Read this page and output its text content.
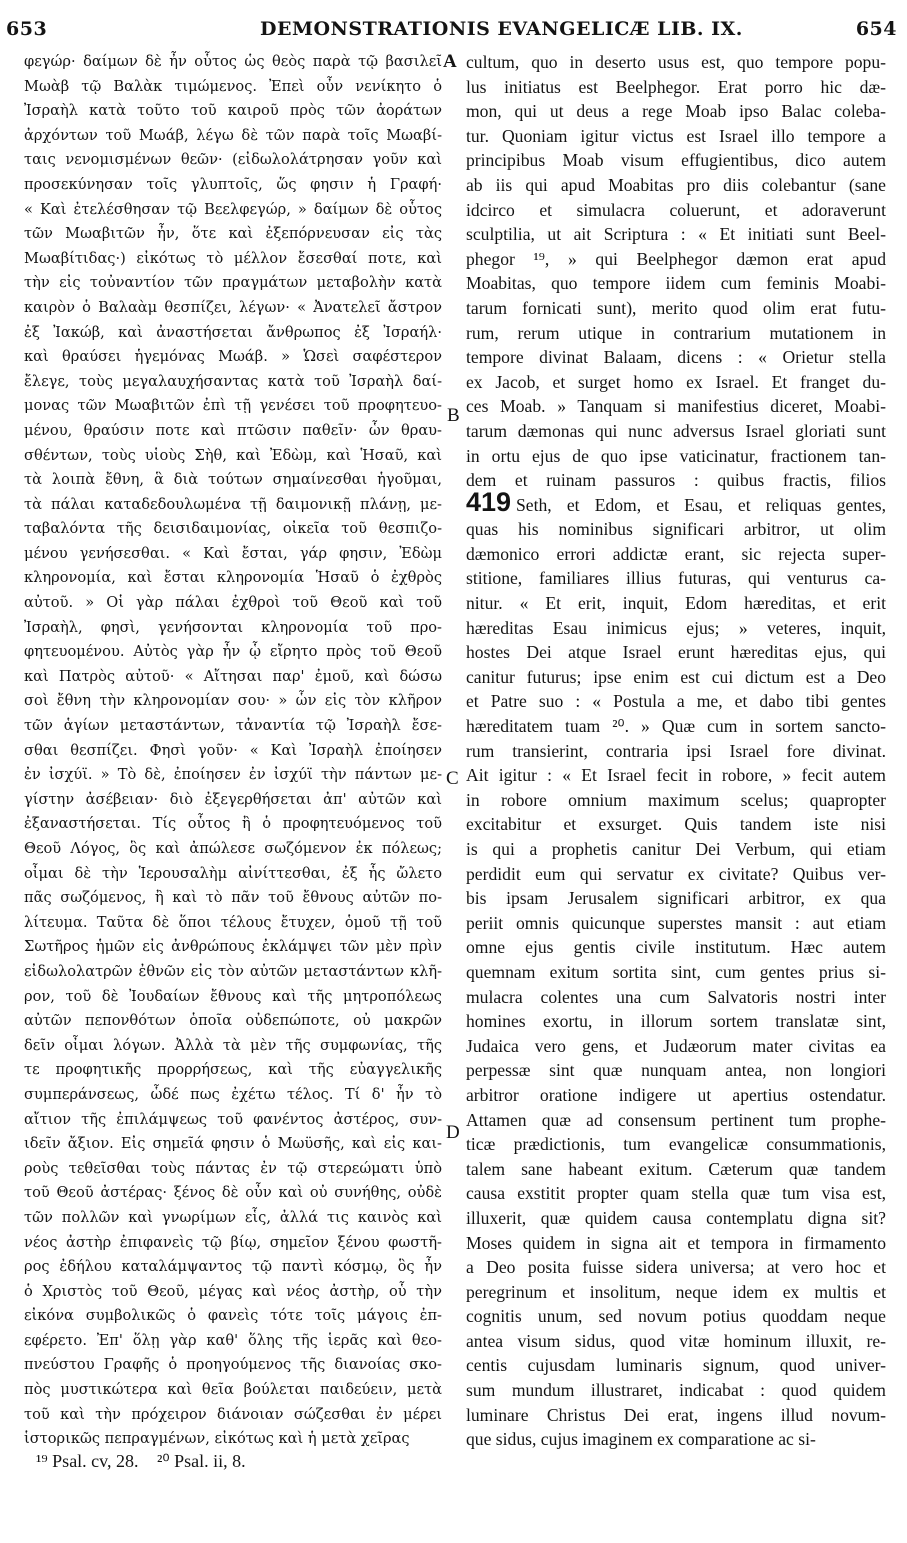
653	DEMONSTRATIONIS EVANGELICÆ LIB. IX.	654
φεγώρ· δαίμων δὲ ἦν οὗτος ὡς θεὸς παρὰ τῷ βασιλεῖ
Μωὰβ τῷ Βαλὰκ τιμώμενος. Ἐπεὶ οὖν νενίκητο ὁ
Ἰσραὴλ κατὰ τοῦτο τοῦ καιροῦ πρὸς τῶν ἀοράτων
ἀρχόντων τοῦ Μωάβ, λέγω δὲ τῶν παρὰ τοῖς Μωαβί-
ταις νενομισμένων θεῶν· (εἰδωλολάτρησαν γοῦν καὶ
προσεκύνησαν τοῖς γλυπτοῖς, ὥς φησιν ἡ Γραφή·
« Καὶ ἐτελέσθησαν τῷ Βεελφεγώρ, » δαίμων δὲ οὗτος
τῶν Μωαβιτῶν ἦν, ὅτε καὶ ἐξεπόρνευσαν εἰς τὰς
Μωαβίτιδας·) εἰκότως τὸ μέλλον ἔσεσθαί ποτε, καὶ
τὴν εἰς τοὐναντίον τῶν πραγμάτων μεταβολὴν κατὰ
καιρὸν ὁ Βαλαὰμ θεσπίζει, λέγων· « Ἀνατελεῖ ἄστρον
ἐξ Ἰακώβ, καὶ ἀναστήσεται ἄνθρωπος ἐξ Ἰσραήλ·
καὶ θραύσει ἡγεμόνας Μωάβ. » Ὡσεὶ σαφέστερον
ἔλεγε, τοὺς μεγαλαυχήσαντας κατὰ τοῦ Ἰσραὴλ δαί-
μονας τῶν Μωαβιτῶν ἐπὶ τῇ γενέσει τοῦ προφητευο-
μένου, θραύσιν ποτε καὶ πτῶσιν παθεῖν· ὧν θραυ-
σθέντων, τοὺς υἱοὺς Σὴθ, καὶ Ἐδὼμ, καὶ Ἡσαῦ, καὶ
τὰ λοιπὰ ἔθνη, ἃ διὰ τούτων σημαίνεσθαι ἡγοῦμαι,
τὰ πάλαι καταδεδουλωμένα τῇ δαιμονικῇ πλάνῃ, με-
ταβαλόντα τῆς δεισιδαιμονίας, οἰκεῖα τοῦ θεσπιζο-
μένου γενήσεσθαι. « Καὶ ἔσται, γάρ φησιν, Ἐδὼμ
κληρονομία, καὶ ἔσται κληρονομία Ἡσαῦ ὁ ἐχθρὸς
αὐτοῦ. » Οἱ γὰρ πάλαι ἐχθροὶ τοῦ Θεοῦ καὶ τοῦ
Ἰσραὴλ, φησὶ, γενήσονται κληρονομία τοῦ προ-
φητευομένου. Αὐτὸς γὰρ ἦν ᾧ εἴρητο πρὸς τοῦ Θεοῦ
καὶ Πατρὸς αὐτοῦ· « Αἴτησαι παρ' ἐμοῦ, καὶ δώσω
σοὶ ἔθνη τὴν κληρονομίαν σου· » ὧν εἰς τὸν κλῆρον
τῶν ἁγίων μεταστάντων, τἀναντία τῷ Ἰσραὴλ ἔσε-
σθαι θεσπίζει. Φησὶ γοῦν· « Καὶ Ἰσραὴλ ἐποίησεν
ἐν ἰσχύϊ. » Τὸ δὲ, ἐποίησεν ἐν ἰσχύϊ τὴν πάντων με-
γίστην ἀσέβειαν· διὸ ἐξεγερθήσεται ἀπ' αὐτῶν καὶ
ἐξαναστήσεται. Τίς οὗτος ἢ ὁ προφητευόμενος τοῦ
Θεοῦ Λόγος, ὃς καὶ ἀπώλεσε σωζόμενον ἐκ πόλεως;
οἶμαι δὲ τὴν Ἱερουσαλὴμ αἰνίττεσθαι, ἐξ ἧς ὤλετο
πᾶς σωζόμενος, ἢ καὶ τὸ πᾶν τοῦ ἔθνους αὐτῶν πο-
λίτευμα. Ταῦτα δὲ ὅποι τέλους ἔτυχεν, ὁμοῦ τῇ τοῦ
Σωτῆρος ἡμῶν εἰς ἀνθρώπους ἐκλάμψει τῶν μὲν πρὶν
εἰδωλολατρῶν ἐθνῶν εἰς τὸν αὐτῶν μεταστάντων κλῆ-
ρον, τοῦ δὲ Ἰουδαίων ἔθνους καὶ τῆς μητροπόλεως
αὐτῶν πεπονθότων ὁποῖα οὐδεπώποτε, οὐ μακρῶν
δεῖν οἶμαι λόγων. Ἀλλὰ τὰ μὲν τῆς συμφωνίας, τῆς
τε προφητικῆς προρρήσεως, καὶ τῆς εὐαγγελικῆς
συμπεράνσεως, ὧδέ πως ἐχέτω τέλος. Τί δ' ἦν τὸ
αἴτιον τῆς ἐπιλάμψεως τοῦ φανέντος ἀστέρος, συν-
ιδεῖν ἄξιον. Εἰς σημεῖά φησιν ὁ Μωϋσῆς, καὶ εἰς και-
ροὺς τεθεῖσθαι τοὺς πάντας ἐν τῷ στερεώματι ὑπὸ
τοῦ Θεοῦ ἀστέρας· ξένος δὲ οὖν καὶ οὐ συνήθης, οὐδὲ
τῶν πολλῶν καὶ γνωρίμων εἷς, ἀλλά τις καινὸς καὶ
νέος ἀστὴρ ἐπιφανεὶς τῷ βίῳ, σημεῖον ξένου φωστῆ-
ρος ἐδήλου καταλάμψαντος τῷ παντὶ κόσμῳ, ὃς ἦν
ὁ Χριστὸς τοῦ Θεοῦ, μέγας καὶ νέος ἀστὴρ, οὗ τὴν
εἰκόνα συμβολικῶς ὁ φανεὶς τότε τοῖς μάγοις ἐπ-
εφέρετο. Ἐπ' ὅλῃ γὰρ καθ' ὅλης τῆς ἱερᾶς καὶ θεο-
πνεύστου Γραφῆς ὁ προηγούμενος τῆς διανοίας σκο-
πὸς μυστικώτερα καὶ θεῖα βούλεται παιδεύειν, μετὰ
τοῦ καὶ τὴν πρόχειρον διάνοιαν σώζεσθαι ἐν μέρει
ἱστορικῶς πεπραγμένων, εἰκότως καὶ ἡ μετὰ χεῖρας
A
B
C
D
cultum, quo in deserto usus est, quo tempore popu-
lus initiatus est Beelphegor. Erat porro hic dæ-
mon, qui ut deus a rege Moab ipso Balac coleba-
tur. Quoniam igitur victus est Israel illo tempore a
principibus Moab visum effugientibus, dico autem
ab iis qui apud Moabitas pro diis colebantur (sane
idcirco et simulacra coluerunt, et adoraverunt
sculptilia, ut ait Scriptura : « Et initiati sunt Beel-
phegor ¹⁹, » qui Beelphegor dæmon erat apud
Moabitas, quo tempore iidem cum feminis Moabi-
tarum fornicati sunt), merito quod olim erat futu-
rum, rerum utique in contrarium mutationem in
tempore divinat Balaam, dicens : « Orietur stella
ex Jacob, et surget homo ex Israel. Et franget du-
ces Moab. » Tanquam si manifestius diceret, Moabi-
tarum dæmonas qui nunc adversus Israel gloriati sunt
in ortu ejus de quo ipse vaticinatur, fractionem tan-
dem et ruinam passuros : quibus fractis, filios
Seth, et Edom, et Esau, et reliquas gentes,
quas his nominibus significari arbitror, ut olim
dæmonico errori addictæ erant, sic rejecta super-
stitione, familiares illius futuras, qui venturus ca-
nitur. « Et erit, inquit, Edom hæreditas, et erit
hæreditas Esau inimicus ejus; » veteres, inquit,
hostes Dei atque Israel erunt hæreditas ejus, qui
canitur futurus; ipse enim est cui dictum est a Deo
et Patre suo : « Postula a me, et dabo tibi gentes
hæreditatem tuam ²⁰. » Quæ cum in sortem sancto-
rum transierint, contraria ipsi Israel fore divinat.
Ait igitur : « Et Israel fecit in robore, » fecit autem
in robore omnium maximum scelus; quapropter
excitabitur et exsurget. Quis tandem iste nisi
is qui a prophetis canitur Dei Verbum, qui etiam
perdidit eum qui servatur ex civitate? Quibus ver-
bis ipsam Jerusalem significari arbitror, ex qua
periit omnis quicunque superstes mansit : aut etiam
omne ejus gentis civile institutum. Hæc autem
quemnam exitum sortita sint, cum gentes prius si-
mulacra colentes una cum Salvatoris nostri inter
homines exortu, in illorum sortem translatæ sint,
Judaica vero gens, et Judæorum mater civitas ea
perpessæ sint quæ nunquam antea, non longiori
arbitror oratione indigere ut apertius ostendatur.
Attamen quæ ad consensum pertinent tum prophe-
ticæ prædictionis, tum evangelicæ consummationis,
talem sane habeant exitum. Cæterum quæ tandem
causa exstitit propter quam stella quæ tum visa est,
illuxerit, quæ quidem causa contemplatu digna sit?
Moses quidem in signa ait et tempora in firmamento
a Deo posita fuisse sidera universa; at vero hoc et
peregrinum et insolitum, neque idem ex multis et
cognitis unum, sed novum potius quoddam neque
antea visum sidus, quod vitæ hominum illuxit, re-
centis cujusdam luminaris signum, quod univer-
sum mundum illustraret, indicabat : quod quidem
luminare Christus Dei erat, ingens illud novum-
que sidus, cujus imaginem ex comparatione ac si-
419
¹⁹ Psal. cv, 28. ²⁰ Psal. ii, 8.
